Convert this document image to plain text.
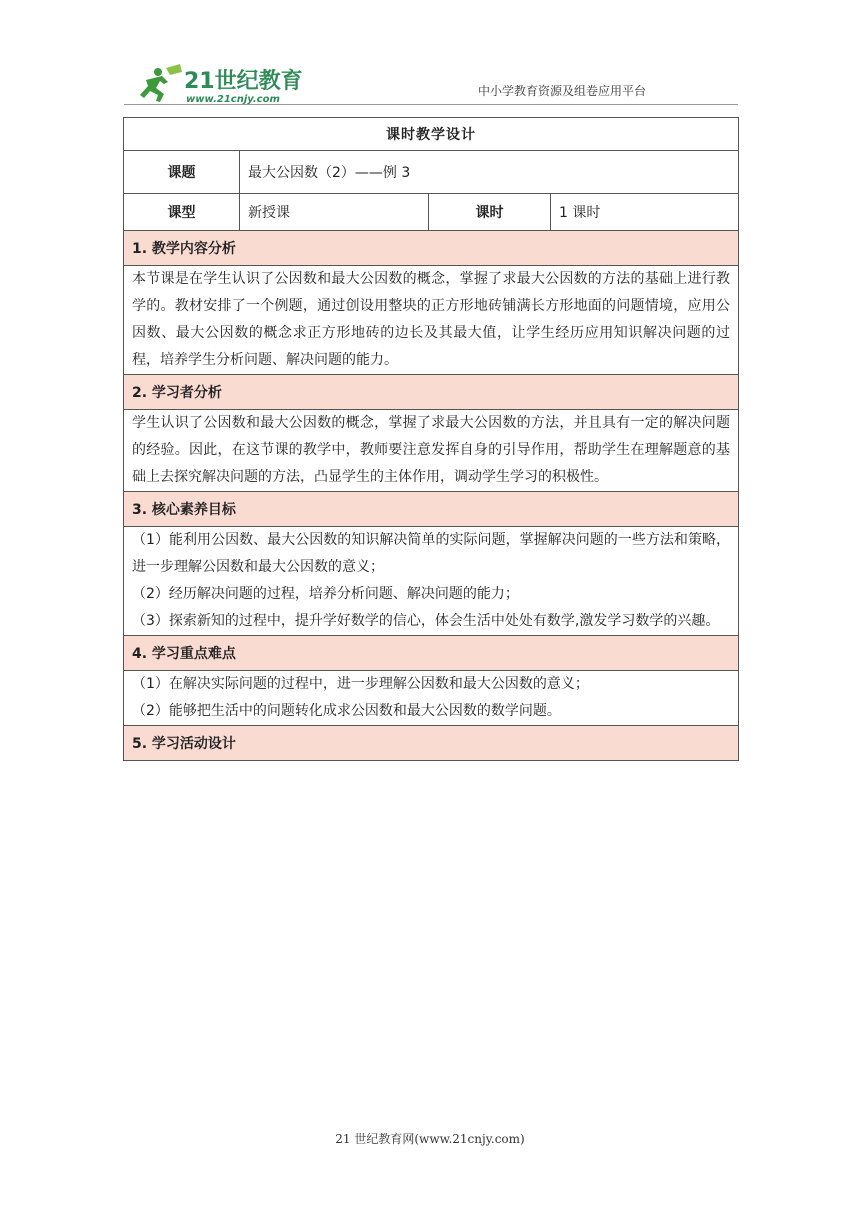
21世纪教育
www.21cnjy.com
中小学教育资源及组卷应用平台
课时教学设计			
课题	最大公因数（2）——例 3		
课型	新授课	课时	1 课时
1. 教学内容分析			

本节课是在学生认识了公因数和最大公因数的概念，掌握了求最大公因数的方法的基础上进行教学的。教材安排了一个例题，通过创设用整块的正方形地砖铺满长方形地面的问题情境，应用公因数、最大公因数的概念求正方形地砖的边长及其最大值，让学生经历应用知识解决问题的过程，培养学生分析问题、解决问题的能力。			

2. 学习者分析			

学生认识了公因数和最大公因数的概念，掌握了求最大公因数的方法，并且具有一定的解决问题的经验。因此，在这节课的教学中，教师要注意发挥自身的引导作用，帮助学生在理解题意的基础上去探究解决问题的方法，凸显学生的主体作用，调动学生学习的积极性。			

3. 核心素养目标			

（1）能利用公因数、最大公因数的知识解决简单的实际问题，掌握解决问题的一些方法和策略，进一步理解公因数和最大公因数的意义；

（2）经历解决问题的过程，培养分析问题、解决问题的能力；

（3）探索新知的过程中，提升学好数学的信心，体会生活中处处有数学,激发学习数学的兴趣。			

4. 学习重点难点			

（1）在解决实际问题的过程中，进一步理解公因数和最大公因数的意义；

（2）能够把生活中的问题转化成求公因数和最大公因数的数学问题。			

5. 学习活动设计			
21 世纪教育网(www.21cnjy.com)
